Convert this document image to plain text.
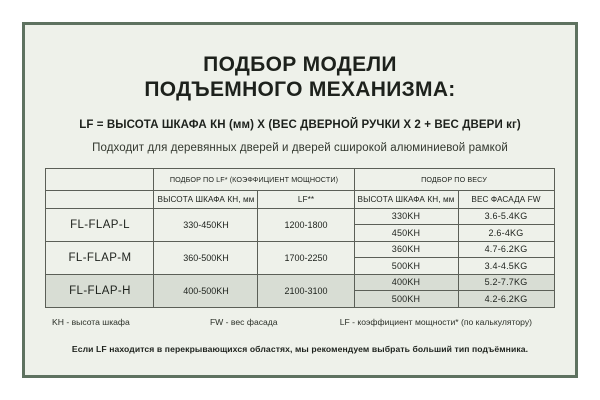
ПОДБОР МОДЕЛИ
ПОДЪЕМНОГО МЕХАНИЗМА:
LF = ВЫСОТА ШКАФА КН (мм) X (ВЕС ДВЕРНОЙ РУЧКИ X 2 + ВЕС ДВЕРИ кг)
Подходит для деревянных дверей и дверей сширокой алюминиевой рамкой
	ПОДБОР ПО LF* (КОЭФФИЦИЕНТ МОЩНОСТИ)		ПОДБОР ПО ВЕСУ	
	ВЫСОТА ШКАФА КН, мм	LF**	ВЫСОТА ШКАФА КН, мм	ВЕС ФАСАДА FW
FL-FLAP-L	330-450KH	1200-1800	330KH	3.6-5.4KG
			450KH	2.6-4KG
FL-FLAP-M	360-500KH	1700-2250	360KH	4.7-6.2KG
			500KH	3.4-4.5KG
FL-FLAP-H	400-500KH	2100-3100	400KH	5.2-7.7KG
			500KH	4.2-6.2KG
KH - высота шкафа	FW - вес фасада	LF - коэффициент мощности* (по калькулятору)
Если LF находится в перекрывающихся областях, мы рекомендуем выбрать больший тип подъёмника.
